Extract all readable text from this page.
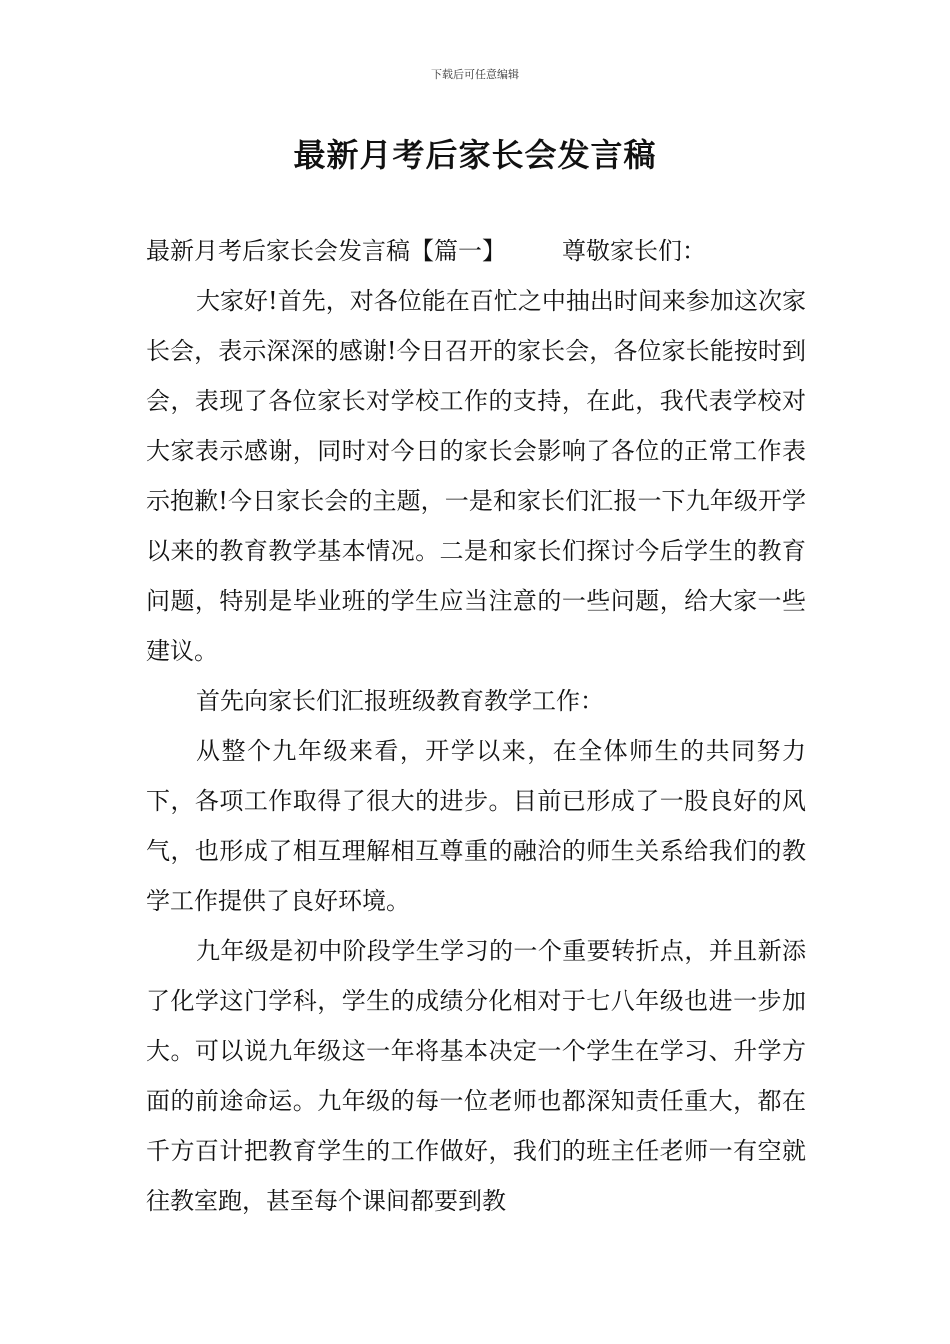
下载后可任意编辑
最新月考后家长会发言稿

最新月考后家长会发言稿【篇一】 尊敬家长们：

大家好!首先，对各位能在百忙之中抽出时间来参加这次家长会，表示深深的感谢!今日召开的家长会，各位家长能按时到会，表现了各位家长对学校工作的支持，在此，我代表学校对大家表示感谢，同时对今日的家长会影响了各位的正常工作表示抱歉!今日家长会的主题，一是和家长们汇报一下九年级开学以来的教育教学基本情况。二是和家长们探讨今后学生的教育问题，特别是毕业班的学生应当注意的一些问题，给大家一些建议。

首先向家长们汇报班级教育教学工作：

从整个九年级来看，开学以来，在全体师生的共同努力下，各项工作取得了很大的进步。目前已形成了一股良好的风气，也形成了相互理解相互尊重的融洽的师生关系给我们的教学工作提供了良好环境。

九年级是初中阶段学生学习的一个重要转折点，并且新添了化学这门学科，学生的成绩分化相对于七八年级也进一步加大。可以说九年级这一年将基本决定一个学生在学习、升学方面的前途命运。九年级的每一位老师也都深知责任重大，都在千方百计把教育学生的工作做好，我们的班主任老师一有空就往教室跑，甚至每个课间都要到教
